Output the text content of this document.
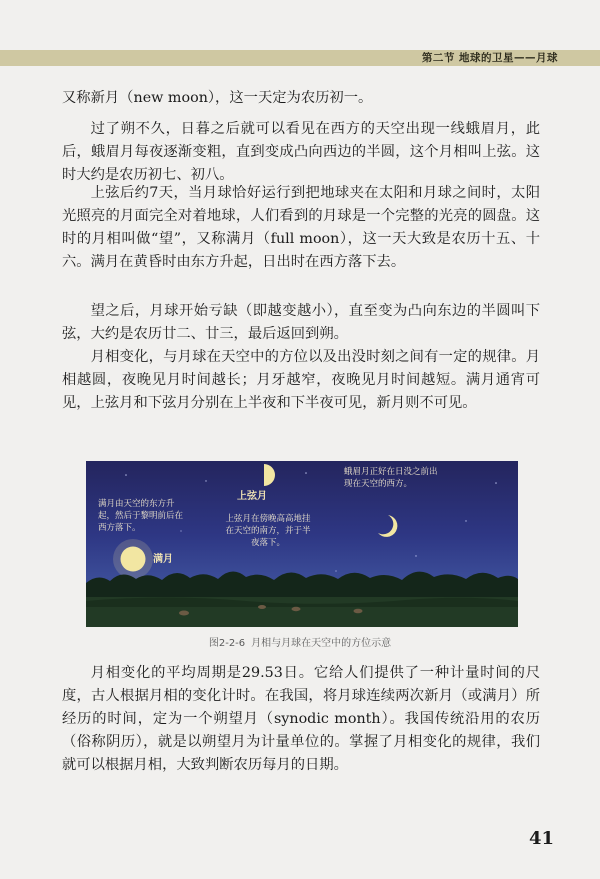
第二节 地球的卫星——月球

又称新月（new moon），这一天定为农历初一。

过了朔不久，日暮之后就可以看见在西方的天空出现一线蛾眉月，此后，蛾眉月每夜逐渐变粗，直到变成凸向西边的半圆，这个月相叫上弦。这时大约是农历初七、初八。

上弦后约7天，当月球恰好运行到把地球夹在太阳和月球之间时，太阳光照亮的月面完全对着地球，人们看到的月球是一个完整的光亮的圆盘。这时的月相叫做“望”，又称满月（full moon），这一天大致是农历十五、十六。满月在黄昏时由东方升起，日出时在西方落下去。

望之后，月球开始亏缺（即越变越小），直至变为凸向东边的半圆叫下弦，大约是农历廿二、廿三，最后返回到朔。

月相变化，与月球在天空中的方位以及出没时刻之间有一定的规律。月相越圆，夜晚见月时间越长；月牙越窄，夜晚见月时间越短。满月通宵可见，上弦月和下弦月分别在上半夜和下半夜可见，新月则不可见。

满月由天空的东方升起，然后于黎明前后在西方落下。

满月

上弦月

上弦月在傍晚高高地挂在天空的南方，并于半夜落下。

蛾眉月正好在日没之前出现在天空的西方。

图2-2-6 月相与月球在天空中的方位示意

月相变化的平均周期是29.53日。它给人们提供了一种计量时间的尺度，古人根据月相的变化计时。在我国，将月球连续两次新月（或满月）所经历的时间，定为一个朔望月（synodic month）。我国传统沿用的农历（俗称阴历），就是以朔望月为计量单位的。掌握了月相变化的规律，我们就可以根据月相，大致判断农历每月的日期。

41
